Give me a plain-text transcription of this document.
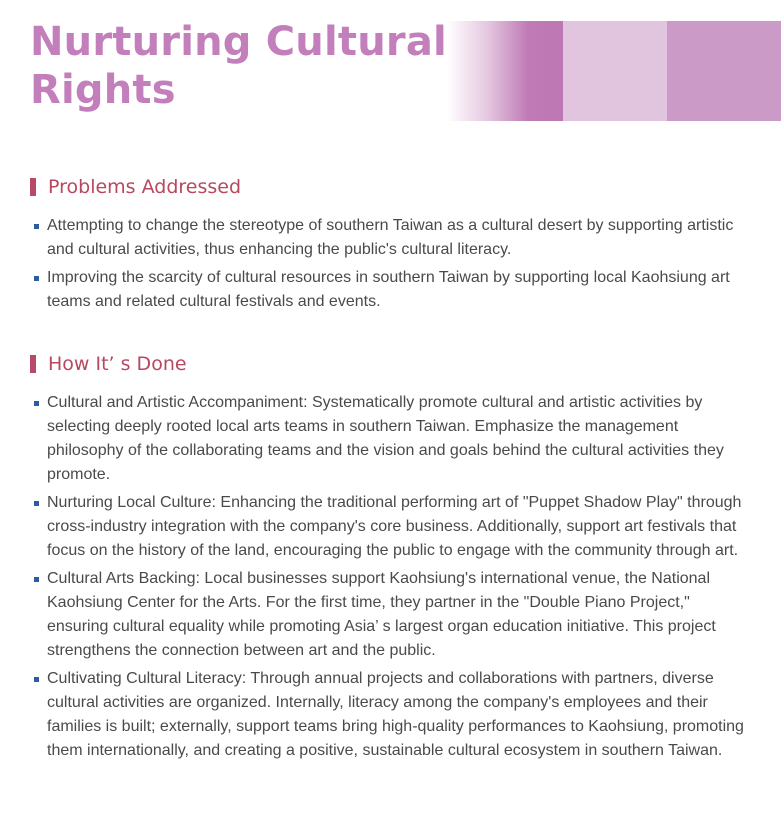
Nurturing Cultural Rights
Problems Addressed
Attempting to change the stereotype of southern Taiwan as a cultural desert by supporting artistic and cultural activities, thus enhancing the public's cultural literacy.
Improving the scarcity of cultural resources in southern Taiwan by supporting local Kaohsiung art teams and related cultural festivals and events.
How It’ s Done
Cultural and Artistic Accompaniment: Systematically promote cultural and artistic activities by selecting deeply rooted local arts teams in southern Taiwan. Emphasize the management philosophy of the collaborating teams and the vision and goals behind the cultural activities they promote.
Nurturing Local Culture: Enhancing the traditional performing art of "Puppet Shadow Play" through cross-industry integration with the company's core business. Additionally, support art festivals that focus on the history of the land, encouraging the public to engage with the community through art.
Cultural Arts Backing: Local businesses support Kaohsiung's international venue, the National Kaohsiung Center for the Arts. For the first time, they partner in the "Double Piano Project," ensuring cultural equality while promoting Asia’ s largest organ education initiative. This project strengthens the connection between art and the public.
Cultivating Cultural Literacy: Through annual projects and collaborations with partners, diverse cultural activities are organized. Internally, literacy among the company's employees and their families is built; externally, support teams bring high-quality performances to Kaohsiung, promoting them internationally, and creating a positive, sustainable cultural ecosystem in southern Taiwan.
